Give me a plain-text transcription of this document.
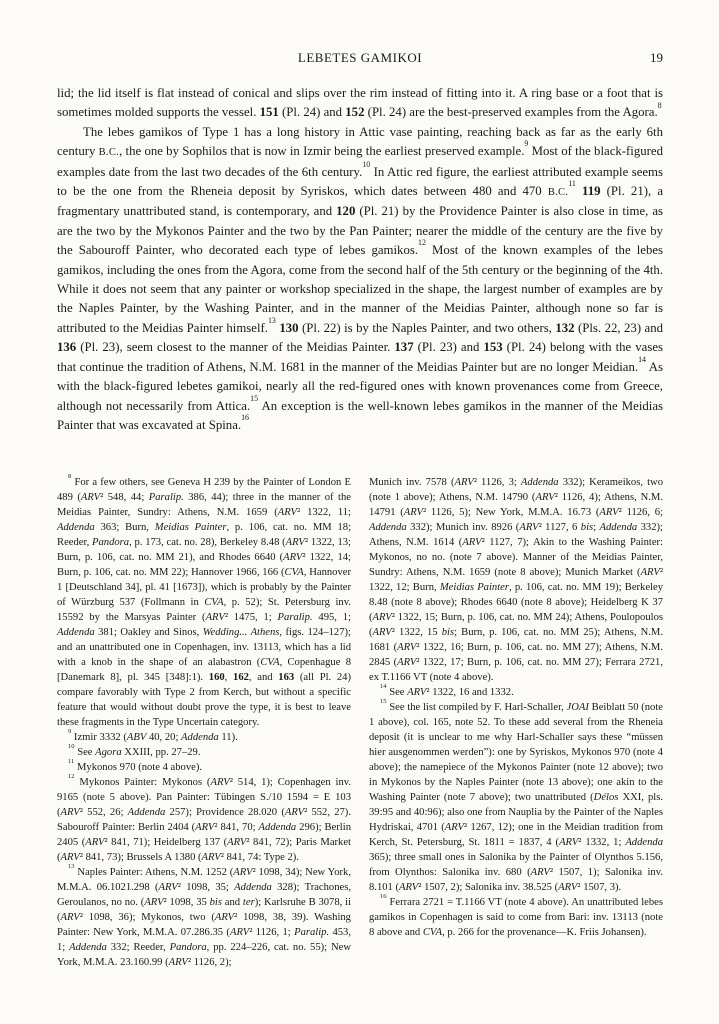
LEBETES GAMIKOI	19

lid; the lid itself is flat instead of conical and slips over the rim instead of fitting into it. A ring base or a foot that is sometimes molded supports the vessel. 151 (Pl. 24) and 152 (Pl. 24) are the best-preserved examples from the Agora.$^8$

The lebes gamikos of Type 1 has a long history in Attic vase painting, reaching back as far as the early 6th century B.C., the one by Sophilos that is now in Izmir being the earliest preserved example.$^9$ Most of the black-figured examples date from the last two decades of the 6th century.$^{10}$ In Attic red figure, the earliest attributed example seems to be the one from the Rheneia deposit by Syriskos, which dates between 480 and 470 B.C.$^{11}$ 119 (Pl. 21), a fragmentary unattributed stand, is contemporary, and 120 (Pl. 21) by the Providence Painter is also close in time, as are the two by the Mykonos Painter and the two by the Pan Painter; nearer the middle of the century are the five by the Sabouroff Painter, who decorated each type of lebes gamikos.$^{12}$ Most of the known examples of the lebes gamikos, including the ones from the Agora, come from the second half of the 5th century or the beginning of the 4th. While it does not seem that any painter or workshop specialized in the shape, the largest number of examples are by the Naples Painter, by the Washing Painter, and in the manner of the Meidias Painter, although none so far is attributed to the Meidias Painter himself.$^{13}$ 130 (Pl. 22) is by the Naples Painter, and two others, 132 (Pls. 22, 23) and 136 (Pl. 23), seem closest to the manner of the Meidias Painter. 137 (Pl. 23) and 153 (Pl. 24) belong with the vases that continue the tradition of Athens, N.M. 1681 in the manner of the Meidias Painter but are no longer Meidian.$^{14}$ As with the black-figured lebetes gamikoi, nearly all the red-figured ones with known provenances come from Greece, although not necessarily from Attica.$^{15}$ An exception is the well-known lebes gamikos in the manner of the Meidias Painter that was excavated at Spina.$^{16}$

$^8$ For a few others, see Geneva H 239 by the Painter of London E 489 (ARV² 548, 44; Paralip. 386, 44); three in the manner of the Meidias Painter, Sundry: Athens, N.M. 1659 (ARV² 1322, 11; Addenda 363; Burn, Meidias Painter, p. 106, cat. no. MM 18; Reeder, Pandora, p. 173, cat. no. 28), Berkeley 8.48 (ARV² 1322, 13; Burn, p. 106, cat. no. MM 21), and Rhodes 6640 (ARV² 1322, 14; Burn, p. 106, cat. no. MM 22); Hannover 1966, 166 (CVA, Hannover 1 [Deutschland 34], pl. 41 [1673]), which is probably by the Painter of Würzburg 537 (Follmann in CVA, p. 52); St. Petersburg inv. 15592 by the Marsyas Painter (ARV² 1475, 1; Paralip. 495, 1; Addenda 381; Oakley and Sinos, Wedding... Athens, figs. 124–127); and an unattributed one in Copenhagen, inv. 13113, which has a lid with a knob in the shape of an alabastron (CVA, Copenhague 8 [Danemark 8], pl. 345 [348]:1). 160, 162, and 163 (all Pl. 24) compare favorably with Type 2 from Kerch, but without a specific feature that would without doubt prove the type, it is best to leave these fragments in the Type Uncertain category.

$^9$ Izmir 3332 (ABV 40, 20; Addenda 11).

$^{10}$ See Agora XXIII, pp. 27–29.

$^{11}$ Mykonos 970 (note 4 above).

$^{12}$ Mykonos Painter: Mykonos (ARV² 514, 1); Copenhagen inv. 9165 (note 5 above). Pan Painter: Tübingen S./10 1594 = E 103 (ARV² 552, 26; Addenda 257); Providence 28.020 (ARV² 552, 27). Sabouroff Painter: Berlin 2404 (ARV² 841, 70; Addenda 296); Berlin 2405 (ARV² 841, 71); Heidelberg 137 (ARV² 841, 72); Paris Market (ARV² 841, 73); Brussels A 1380 (ARV² 841, 74: Type 2).

$^{13}$ Naples Painter: Athens, N.M. 1252 (ARV² 1098, 34); New York, M.M.A. 06.1021.298 (ARV² 1098, 35; Addenda 328); Trachones, Geroulanos, no no. (ARV² 1098, 35 bis and ter); Karlsruhe B 3078, ii (ARV² 1098, 36); Mykonos, two (ARV² 1098, 38, 39). Washing Painter: New York, M.M.A. 07.286.35 (ARV² 1126, 1; Paralip. 453, 1; Addenda 332; Reeder, Pandora, pp. 224–226, cat. no. 55); New York, M.M.A. 23.160.99 (ARV² 1126, 2);

Munich inv. 7578 (ARV² 1126, 3; Addenda 332); Kerameikos, two (note 1 above); Athens, N.M. 14790 (ARV² 1126, 4); Athens, N.M. 14791 (ARV² 1126, 5); New York, M.M.A. 16.73 (ARV² 1126, 6; Addenda 332); Munich inv. 8926 (ARV² 1127, 6 bis; Addenda 332); Athens, N.M. 1614 (ARV² 1127, 7); Akin to the Washing Painter: Mykonos, no no. (note 7 above). Manner of the Meidias Painter, Sundry: Athens, N.M. 1659 (note 8 above); Munich Market (ARV² 1322, 12; Burn, Meidias Painter, p. 106, cat. no. MM 19); Berkeley 8.48 (note 8 above); Rhodes 6640 (note 8 above); Heidelberg K 37 (ARV² 1322, 15; Burn, p. 106, cat. no. MM 24); Athens, Poulopoulos (ARV² 1322, 15 bis; Burn, p. 106, cat. no. MM 25); Athens, N.M. 1681 (ARV² 1322, 16; Burn, p. 106, cat. no. MM 27); Athens, N.M. 2845 (ARV² 1322, 17; Burn, p. 106, cat. no. MM 27); Ferrara 2721, ex T.1166 VT (note 4 above).

$^{14}$ See ARV² 1322, 16 and 1332.

$^{15}$ See the list compiled by F. Harl-Schaller, JOAI Beiblatt 50 (note 1 above), col. 165, note 52. To these add several from the Rheneia deposit (it is unclear to me why Harl-Schaller says these “müssen hier ausgenommen werden”): one by Syriskos, Mykonos 970 (note 4 above); the namepiece of the Mykonos Painter (note 12 above); two in Mykonos by the Naples Painter (note 13 above); one akin to the Washing Painter (note 7 above); two unattributed (Délos XXI, pls. 39:95 and 40:96); also one from Nauplia by the Painter of the Naples Hydriskai, 4701 (ARV² 1267, 12); one in the Meidian tradition from Kerch, St. Petersburg, St. 1811 = 1837, 4 (ARV² 1332, 1; Addenda 365); three small ones in Salonika by the Painter of Olynthos 5.156, from Olynthos: Salonika inv. 680 (ARV² 1507, 1); Salonika inv. 8.101 (ARV² 1507, 2); Salonika inv. 38.525 (ARV² 1507, 3).

$^{16}$ Ferrara 2721 = T.1166 VT (note 4 above). An unattributed lebes gamikos in Copenhagen is said to come from Bari: inv. 13113 (note 8 above and CVA, p. 266 for the provenance—K. Friis Johansen).
